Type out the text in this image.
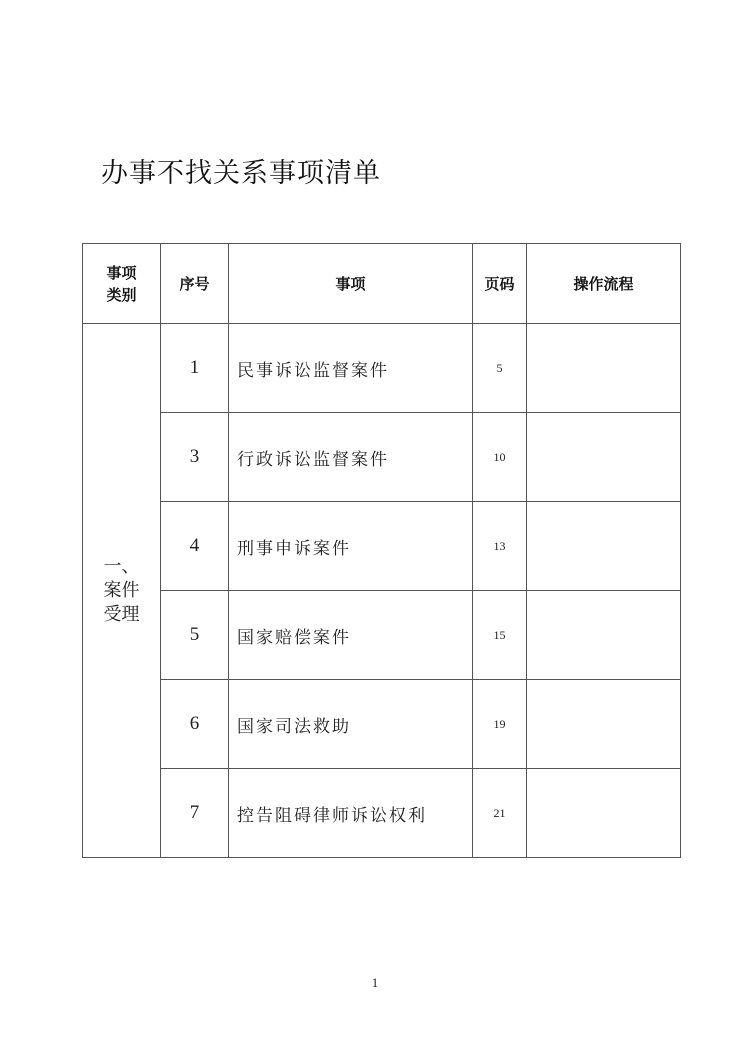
办事不找关系事项清单
事项
类别	序号	事项	页码	操作流程

一、
案件
受理	1	民事诉讼监督案件	5	
	3	行政诉讼监督案件	10	
	4	刑事申诉案件	13	
	5	国家赔偿案件	15	
	6	国家司法救助	19	
	7	控告阻碍律师诉讼权利	21	
1
